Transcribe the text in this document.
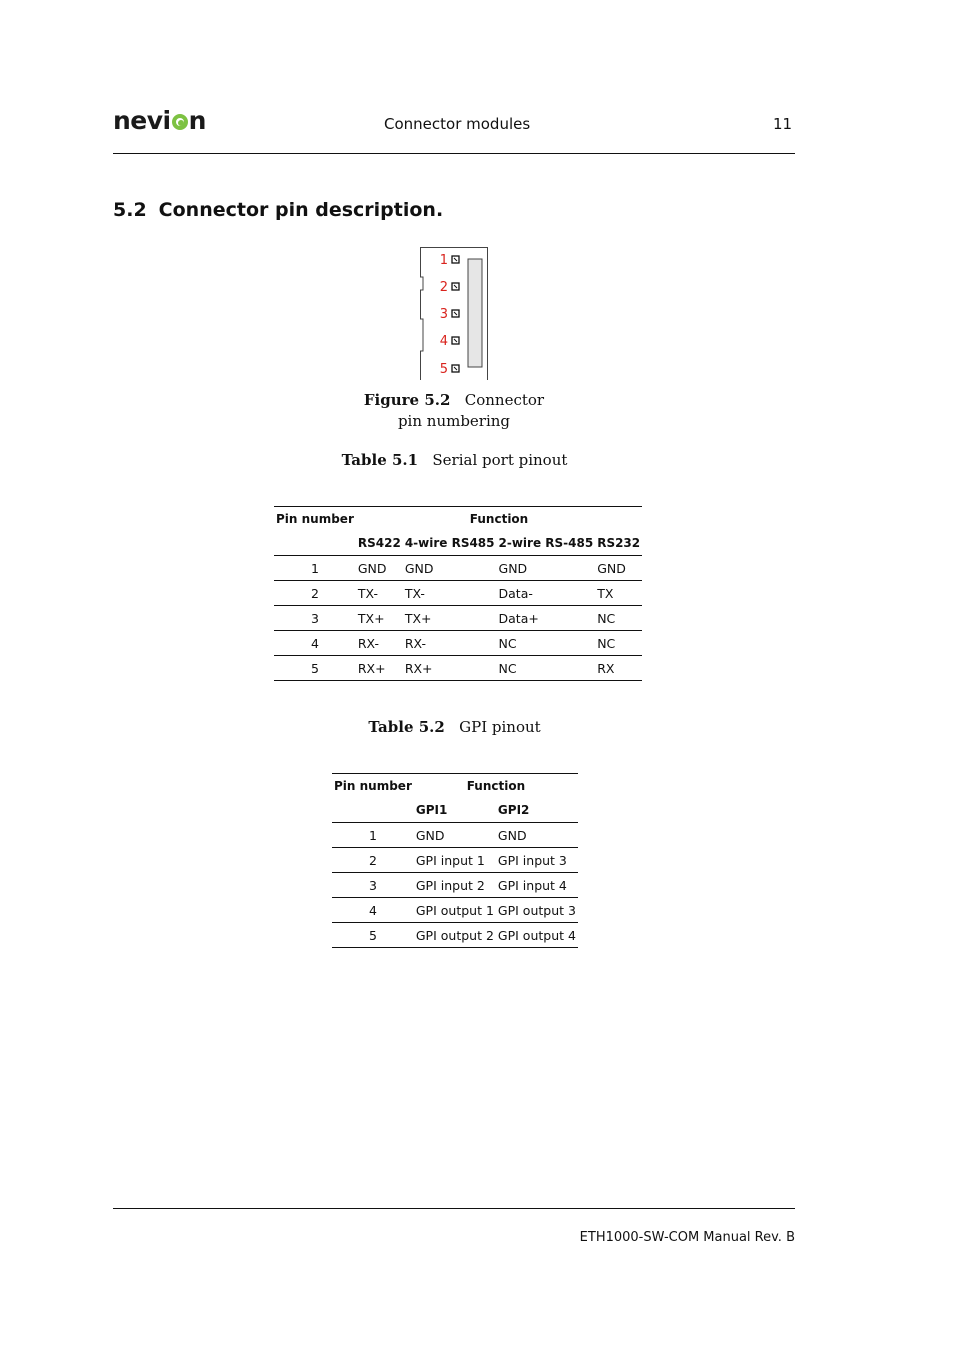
nevi n	Connector modules	11
5.2 Connector pin description.
1
2
3
4
5
Figure 5.2 Connector
pin numbering
Table 5.1 Serial port pinout
Pin number	Function			
	RS422	4-wire RS485	2-wire RS-485	RS232
1	GND	GND	GND	GND
2	TX-	TX-	Data-	TX
3	TX+	TX+	Data+	NC
4	RX-	RX-	NC	NC
5	RX+	RX+	NC	RX
Table 5.2 GPI pinout
Pin number	Function	
	GPI1	GPI2
1	GND	GND
2	GPI input 1	GPI input 3
3	GPI input 2	GPI input 4
4	GPI output 1	GPI output 3
5	GPI output 2	GPI output 4
ETH1000-SW-COM Manual Rev. B
